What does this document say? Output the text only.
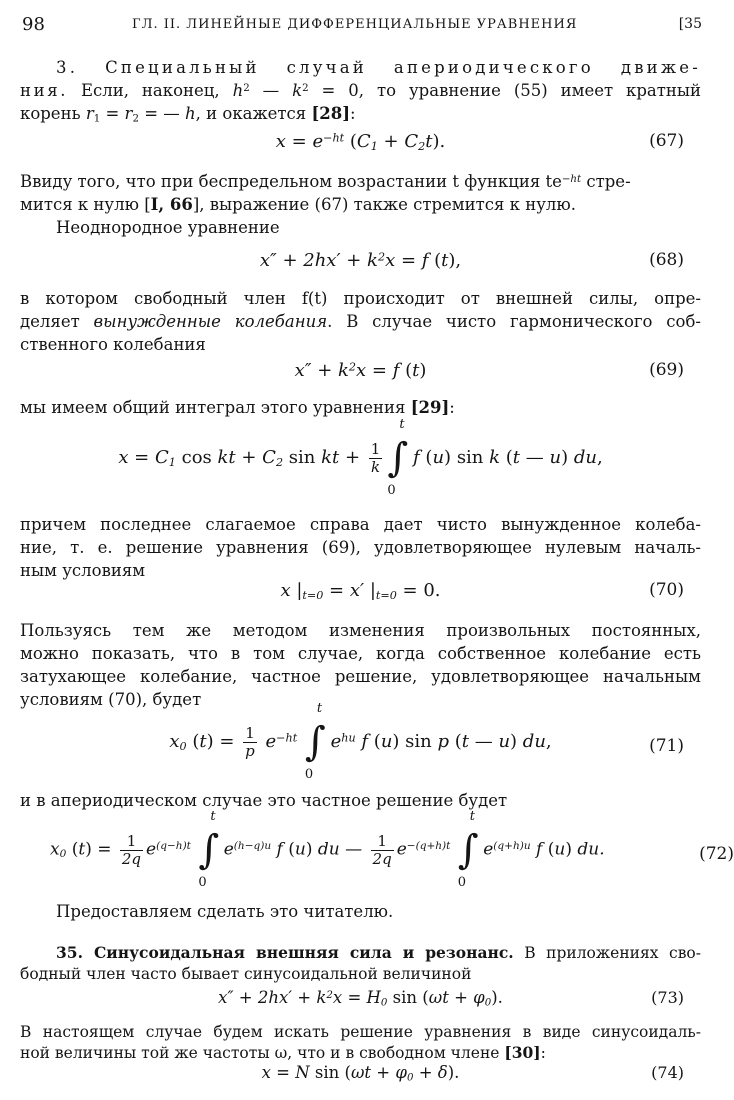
98	ГЛ. II. ЛИНЕЙНЫЕ ДИФФЕРЕНЦИАЛЬНЫЕ УРАВНЕНИЯ	[35
3. Специальный случай апериодического движе-
ния. Если, наконец, $h^2$ — $k^2 = 0$, то уравнение (55) имеет кратный
корень $r_1 = r_2$ = — h, и окажется [28]:
$x = e^{-ht}$ $(C_1 + C_2t)$.	(67)
Ввиду того, что при беспредельном возрастании t функция $te^{-ht}$ стре-
мится к нулю [I, 66], выражение (67) также стремится к нулю.
Неоднородное уравнение
$x'' + 2hx' + k^2x = f$ (t),	(68)
в котором свободный член f(t) происходит от внешней силы, опре-
деляет вынужденные колебания. В случае чисто гармонического соб-
ственного колебания
$x'' + k^2x = f$ (t)	(69)
мы имеем общий интеграл этого уравнения [29]:
$x = C_1$ cos kt + $C_2$ sin kt + $\frac{1}{k}$ ∫
t
0
f (u) sin k (t — u) du,
причем последнее слагаемое справа дает чисто вынужденное колеба-
ние, т. е. решение уравнения (69), удовлетворяющее нулевым началь-
ным условиям
x $|_{t=0} = x'$ $|_{t=0} = 0$.	(70)
Пользуясь тем же методом изменения произвольных постоянных,
можно показать, что в том случае, когда собственное колебание есть
затухающее колебание, частное решение, удовлетворяющее начальным
условиям (70), будет
$x_0$ $(t) = \frac{1}{p} e^{-ht}$ ∫
t
0
$e^{hu}$ f (u) sin p (t — u) du,	(71)
и в апериодическом случае это частное решение будет
$x_0$ $(t) = \frac{1}{2q} e^{(q-h)t}$ ∫
t
0
$e^{(h-q)u}$ f (u) du — $\frac{1}{2q} e^{-(q+h)t}$ ∫
t
0
$e^{(q+h)u}$ f (u) du.	(72)
Предоставляем сделать это читателю.
35. Синусоидальная внешняя сила и резонанс. В приложениях сво-
бодный член часто бывает синусоидальной величиной
$x'' + 2hx' + k^2x = H_0$ $\sin (\omega t + \varphi_0)$.	(73)
В настоящем случае будем искать решение уравнения в виде синусоидаль-
ной величины той же частоты ω, что и в свободном члене [30]:
x = N $\sin (\omega t + \varphi_0 + \delta)$.	(74)
